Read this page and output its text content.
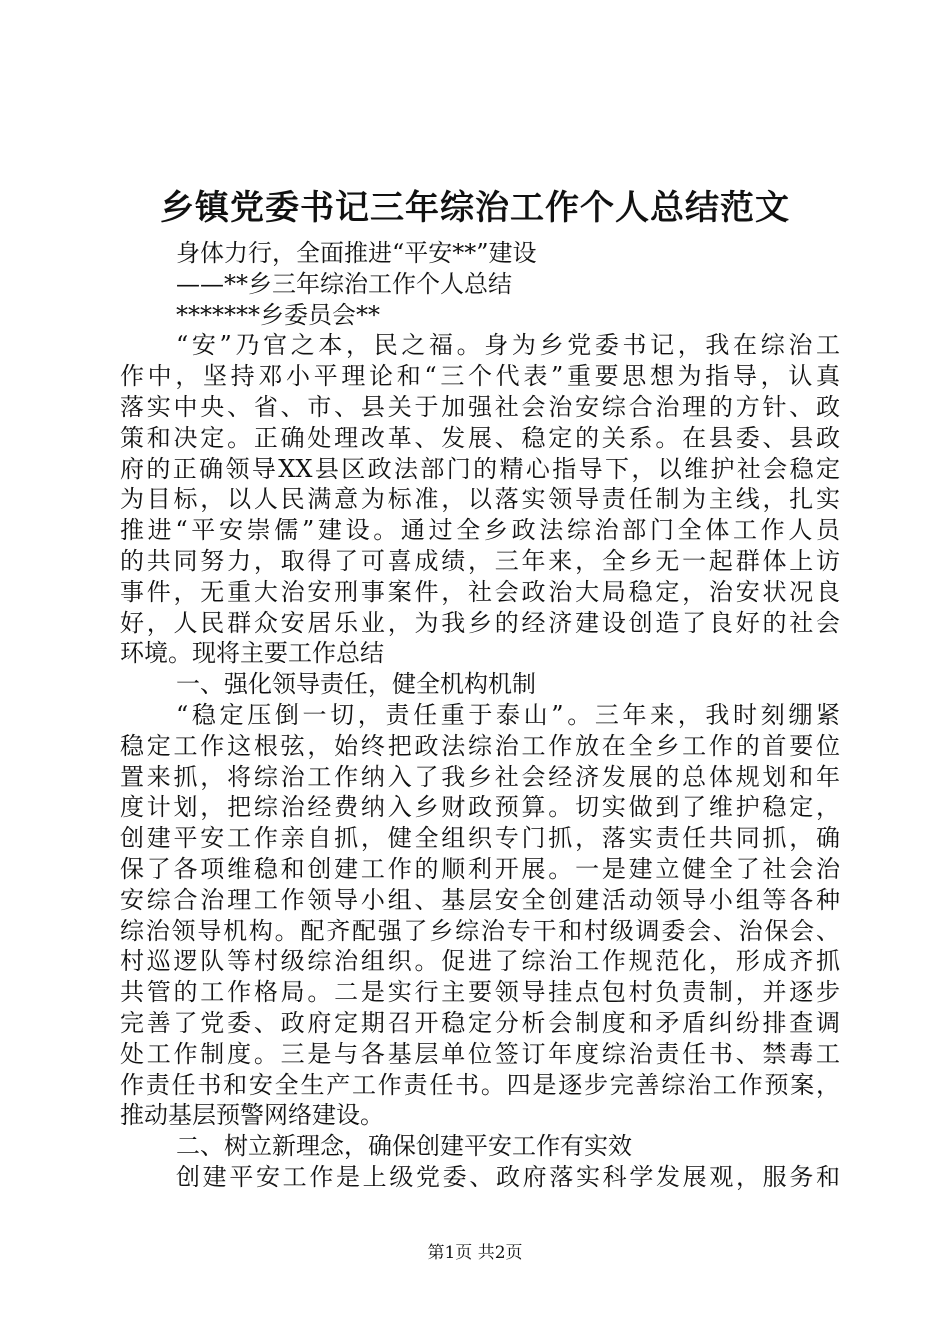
乡镇党委书记三年综治工作个人总结范文
身体力行，全面推进“平安**”建设
——**乡三年综治工作个人总结
*******乡委员会**
“安”乃官之本，民之福。身为乡党委书记，我在综治工
作中，坚持邓小平理论和“三个代表”重要思想为指导，认真
落实中央、省、市、县关于加强社会治安综合治理的方针、政
策和决定。正确处理改革、发展、稳定的关系。在县委、县政
府的正确领导XX县区政法部门的精心指导下，以维护社会稳定
为目标，以人民满意为标准，以落实领导责任制为主线，扎实
推进“平安崇儒”建设。通过全乡政法综治部门全体工作人员
的共同努力，取得了可喜成绩，三年来，全乡无一起群体上访
事件，无重大治安刑事案件，社会政治大局稳定，治安状况良
好，人民群众安居乐业，为我乡的经济建设创造了良好的社会
环境。现将主要工作总结
一、强化领导责任，健全机构机制
“稳定压倒一切，责任重于泰山”。三年来，我时刻绷紧
稳定工作这根弦，始终把政法综治工作放在全乡工作的首要位
置来抓，将综治工作纳入了我乡社会经济发展的总体规划和年
度计划，把综治经费纳入乡财政预算。切实做到了维护稳定，
创建平安工作亲自抓，健全组织专门抓，落实责任共同抓，确
保了各项维稳和创建工作的顺利开展。一是建立健全了社会治
安综合治理工作领导小组、基层安全创建活动领导小组等各种
综治领导机构。配齐配强了乡综治专干和村级调委会、治保会、
村巡逻队等村级综治组织。促进了综治工作规范化，形成齐抓
共管的工作格局。二是实行主要领导挂点包村负责制，并逐步
完善了党委、政府定期召开稳定分析会制度和矛盾纠纷排查调
处工作制度。三是与各基层单位签订年度综治责任书、禁毒工
作责任书和安全生产工作责任书。四是逐步完善综治工作预案，
推动基层预警网络建设。
二、树立新理念，确保创建平安工作有实效
创建平安工作是上级党委、政府落实科学发展观，服务和
第1页 共2页
